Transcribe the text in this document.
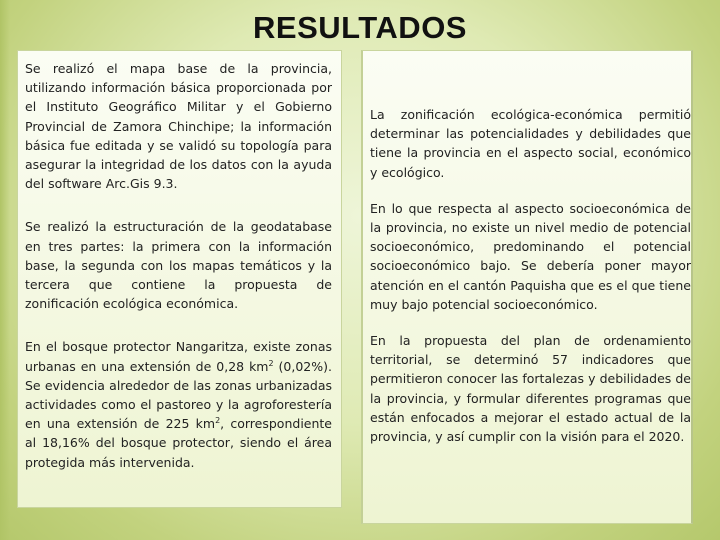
RESULTADOS

Se realizó el mapa base de la provincia, utilizando información básica proporcionada por el Instituto Geográfico Militar y el Gobierno Provincial de Zamora Chinchipe; la información básica fue editada y se validó su topología para asegurar la integridad de los datos con la ayuda del software Arc.Gis 9.3.

Se realizó la estructuración de la geodatabase en tres partes: la primera con la información base, la segunda con los mapas temáticos y la tercera que contiene la propuesta de zonificación ecológica económica.

En el bosque protector Nangaritza, existe zonas urbanas en una extensión de 0,28 $km^2$ (0,02%). Se evidencia alrededor de las zonas urbanizadas actividades como el pastoreo y la agroforestería en una extensión de 225 $km^2$, correspondiente al 18,16% del bosque protector, siendo el área protegida más intervenida.

La zonificación ecológica-económica permitió determinar las potencialidades y debilidades que tiene la provincia en el aspecto social, económico y ecológico.

En lo que respecta al aspecto socioeconómica de la provincia, no existe un nivel medio de potencial socioeconómico, predominando el potencial socioeconómico bajo. Se debería poner mayor atención en el cantón Paquisha que es el que tiene muy bajo potencial socioeconómico.

En la propuesta del plan de ordenamiento territorial, se determinó 57 indicadores que permitieron conocer las fortalezas y debilidades de la provincia, y formular diferentes programas que están enfocados a mejorar el estado actual de la provincia, y así cumplir con la visión para el 2020.
